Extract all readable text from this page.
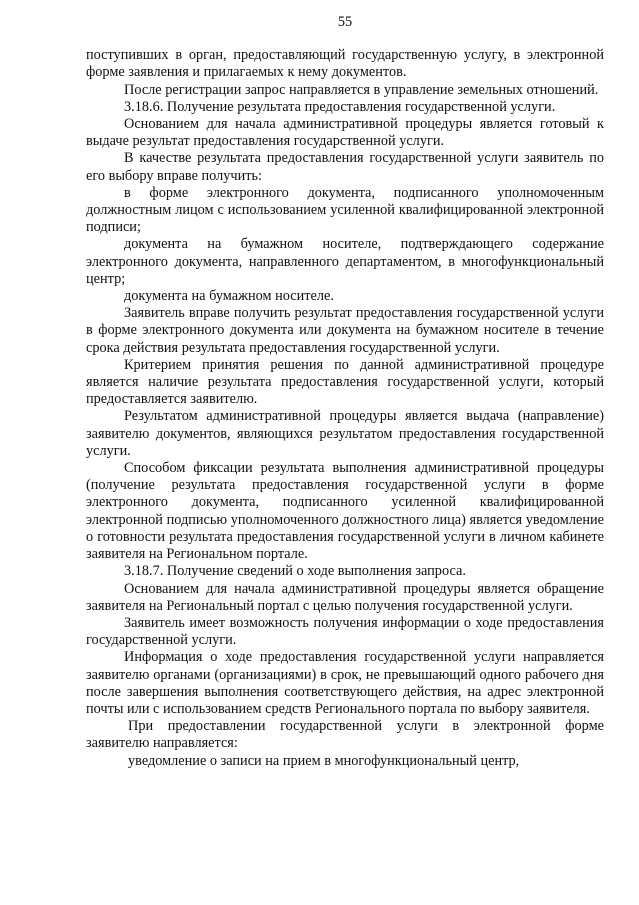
55

поступивших в орган, предоставляющий государственную услугу, в электронной форме заявления и прилагаемых к нему документов.

После регистрации запрос направляется в управление земельных отношений.

3.18.6. Получение результата предоставления государственной услуги.

Основанием для начала административной процедуры является готовый к выдаче результат предоставления государственной услуги.

В качестве результата предоставления государственной услуги заявитель по его выбору вправе получить:

в форме электронного документа, подписанного уполномоченным должностным лицом с использованием усиленной квалифицированной электронной подписи;

документа на бумажном носителе, подтверждающего содержание электронного документа, направленного департаментом, в многофункциональный центр;

документа на бумажном носителе.

Заявитель вправе получить результат предоставления государственной услуги в форме электронного документа или документа на бумажном носителе в течение срока действия результата предоставления государственной услуги.

Критерием принятия решения по данной административной процедуре является наличие результата предоставления государственной услуги, который предоставляется заявителю.

Результатом административной процедуры является выдача (направление) заявителю документов, являющихся результатом предоставления государственной услуги.

Способом фиксации результата выполнения административной процедуры (получение результата предоставления государственной услуги в форме электронного документа, подписанного усиленной квалифицированной электронной подписью уполномоченного должностного лица) является уведомление о готовности результата предоставления государственной услуги в личном кабинете заявителя на Региональном портале.

3.18.7. Получение сведений о ходе выполнения запроса.

Основанием для начала административной процедуры является обращение заявителя на Региональный портал с целью получения государственной услуги.

Заявитель имеет возможность получения информации о ходе предоставления государственной услуги.

Информация о ходе предоставления государственной услуги направляется заявителю органами (организациями) в срок, не превышающий одного рабочего дня после завершения выполнения соответствующего действия, на адрес электронной почты или с использованием средств Регионального портала по выбору заявителя.

При предоставлении государственной услуги в электронной форме заявителю направляется:

уведомление о записи на прием в многофункциональный центр,
